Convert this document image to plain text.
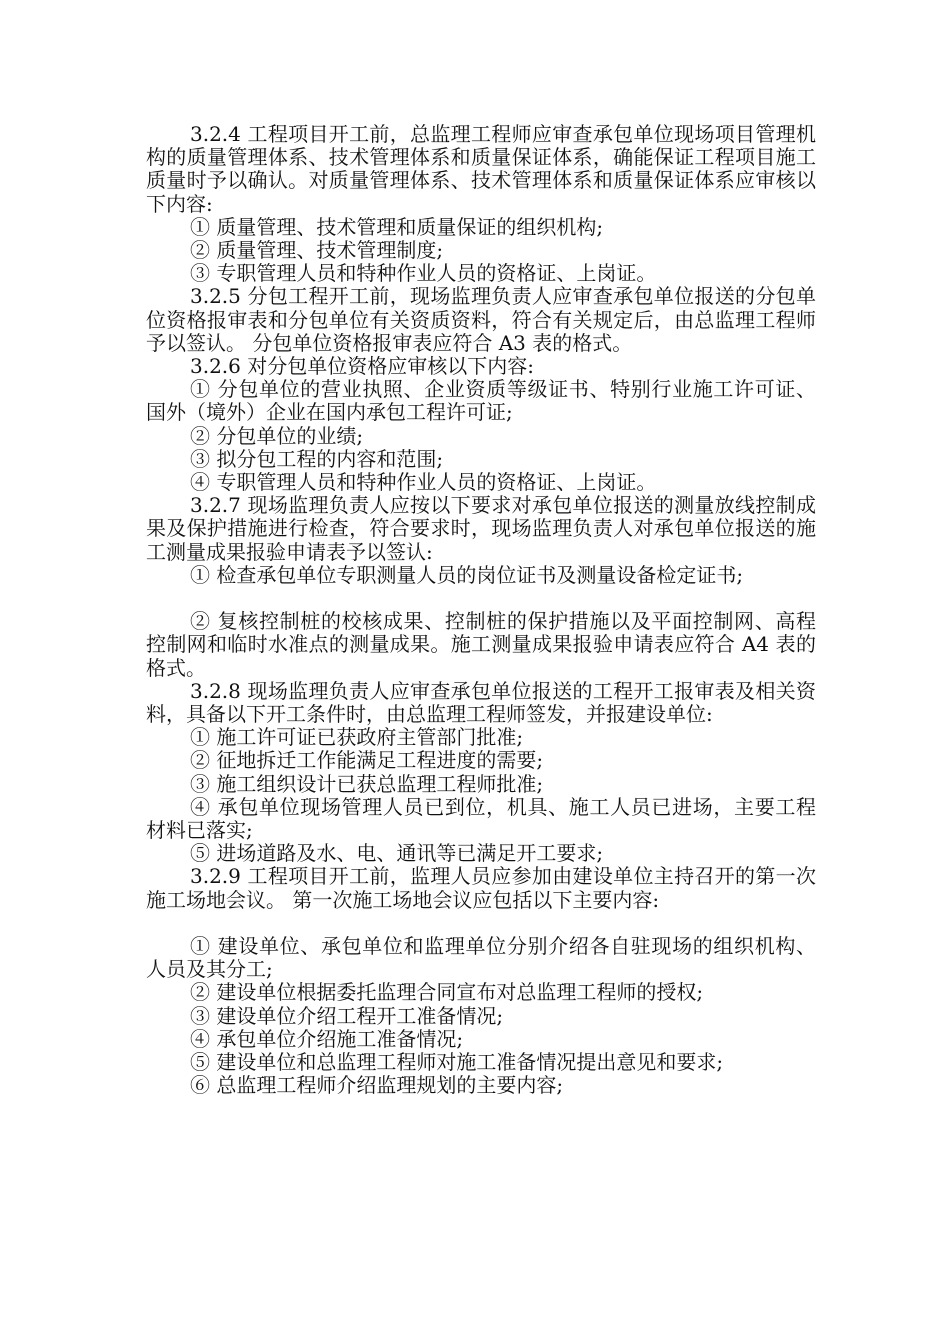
3.2.4 工程项目开工前，总监理工程师应审查承包单位现场项目管理机构的质量管理体系、技术管理体系和质量保证体系，确能保证工程项目施工质量时予以确认。对质量管理体系、技术管理体系和质量保证体系应审核以下内容:

① 质量管理、技术管理和质量保证的组织机构;

② 质量管理、技术管理制度;

③ 专职管理人员和特种作业人员的资格证、上岗证。

3.2.5 分包工程开工前，现场监理负责人应审查承包单位报送的分包单位资格报审表和分包单位有关资质资料，符合有关规定后，由总监理工程师予以签认。 分包单位资格报审表应符合 A3 表的格式。

3.2.6 对分包单位资格应审核以下内容:

① 分包单位的营业执照、企业资质等级证书、特别行业施工许可证、国外（境外）企业在国内承包工程许可证;

② 分包单位的业绩;

③ 拟分包工程的内容和范围;

④ 专职管理人员和特种作业人员的资格证、上岗证。

3.2.7 现场监理负责人应按以下要求对承包单位报送的测量放线控制成果及保护措施进行检查，符合要求时，现场监理负责人对承包单位报送的施工测量成果报验申请表予以签认:

① 检查承包单位专职测量人员的岗位证书及测量设备检定证书;

② 复核控制桩的校核成果、控制桩的保护措施以及平面控制网、高程控制网和临时水准点的测量成果。施工测量成果报验申请表应符合 A4 表的格式。

3.2.8 现场监理负责人应审查承包单位报送的工程开工报审表及相关资料，具备以下开工条件时，由总监理工程师签发，并报建设单位:

① 施工许可证已获政府主管部门批准;

② 征地拆迁工作能满足工程进度的需要;

③ 施工组织设计已获总监理工程师批准;

④ 承包单位现场管理人员已到位，机具、施工人员已进场，主要工程材料已落实;

⑤ 进场道路及水、电、通讯等已满足开工要求;

3.2.9 工程项目开工前，监理人员应参加由建设单位主持召开的第一次施工场地会议。 第一次施工场地会议应包括以下主要内容:

① 建设单位、承包单位和监理单位分别介绍各自驻现场的组织机构、人员及其分工;

② 建设单位根据委托监理合同宣布对总监理工程师的授权;

③ 建设单位介绍工程开工准备情况;

④ 承包单位介绍施工准备情况;

⑤ 建设单位和总监理工程师对施工准备情况提出意见和要求;

⑥ 总监理工程师介绍监理规划的主要内容;
